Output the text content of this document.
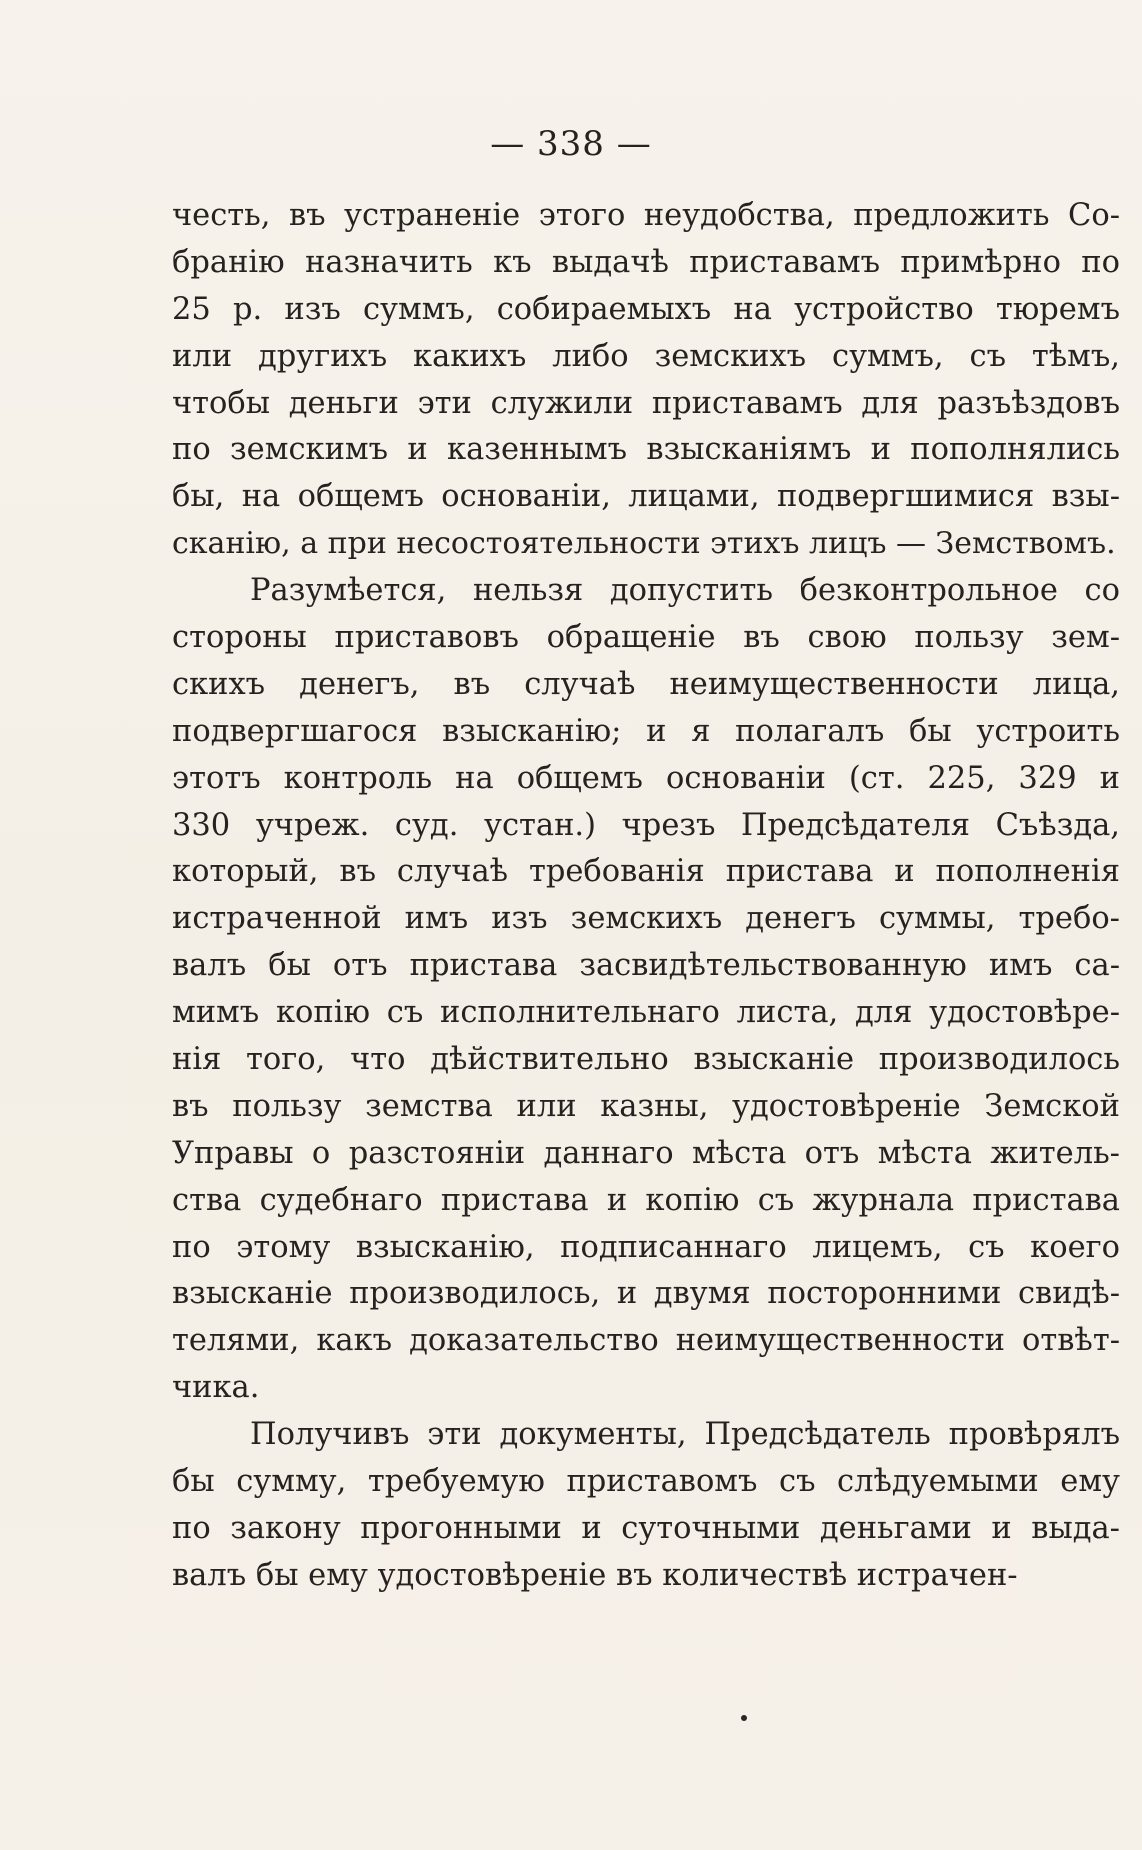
— 338 —
честь, въ устраненіе этого неудобства, предложить Со-
бранію назначить къ выдачѣ приставамъ примѣрно по
25 р. изъ суммъ, собираемыхъ на устройство тюремъ
или другихъ какихъ либо земскихъ суммъ, съ тѣмъ,
чтобы деньги эти служили приставамъ для разъѣздовъ
по земскимъ и казеннымъ взысканіямъ и пополнялись
бы, на общемъ основаніи, лицами, подвергшимися взы-
сканію, а при несостоятельности этихъ лицъ — Земствомъ.
Разумѣется, нельзя допустить безконтрольное со
стороны приставовъ обращеніе въ свою пользу зем-
скихъ денегъ, въ случаѣ неимущественности лица,
подвергшагося взысканію; и я полагалъ бы устроить
этотъ контроль на общемъ основаніи (ст. 225, 329 и
330 учреж. суд. устан.) чрезъ Предсѣдателя Съѣзда,
который, въ случаѣ требованія пристава и пополненія
истраченной имъ изъ земскихъ денегъ суммы, требо-
валъ бы отъ пристава засвидѣтельствованную имъ са-
мимъ копію съ исполнительнаго листа, для удостовѣре-
нія того, что дѣйствительно взысканіе производилось
въ пользу земства или казны, удостовѣреніе Земской
Управы о разстояніи даннаго мѣста отъ мѣста житель-
ства судебнаго пристава и копію съ журнала пристава
по этому взысканію, подписаннаго лицемъ, съ коего
взысканіе производилось, и двумя посторонними свидѣ-
телями, какъ доказательство неимущественности отвѣт-
чика.
Получивъ эти документы, Предсѣдатель провѣрялъ
бы сумму, требуемую приставомъ съ слѣдуемыми ему
по закону прогонными и суточными деньгами и выда-
валъ бы ему удостовѣреніе въ количествѣ истрачен-
